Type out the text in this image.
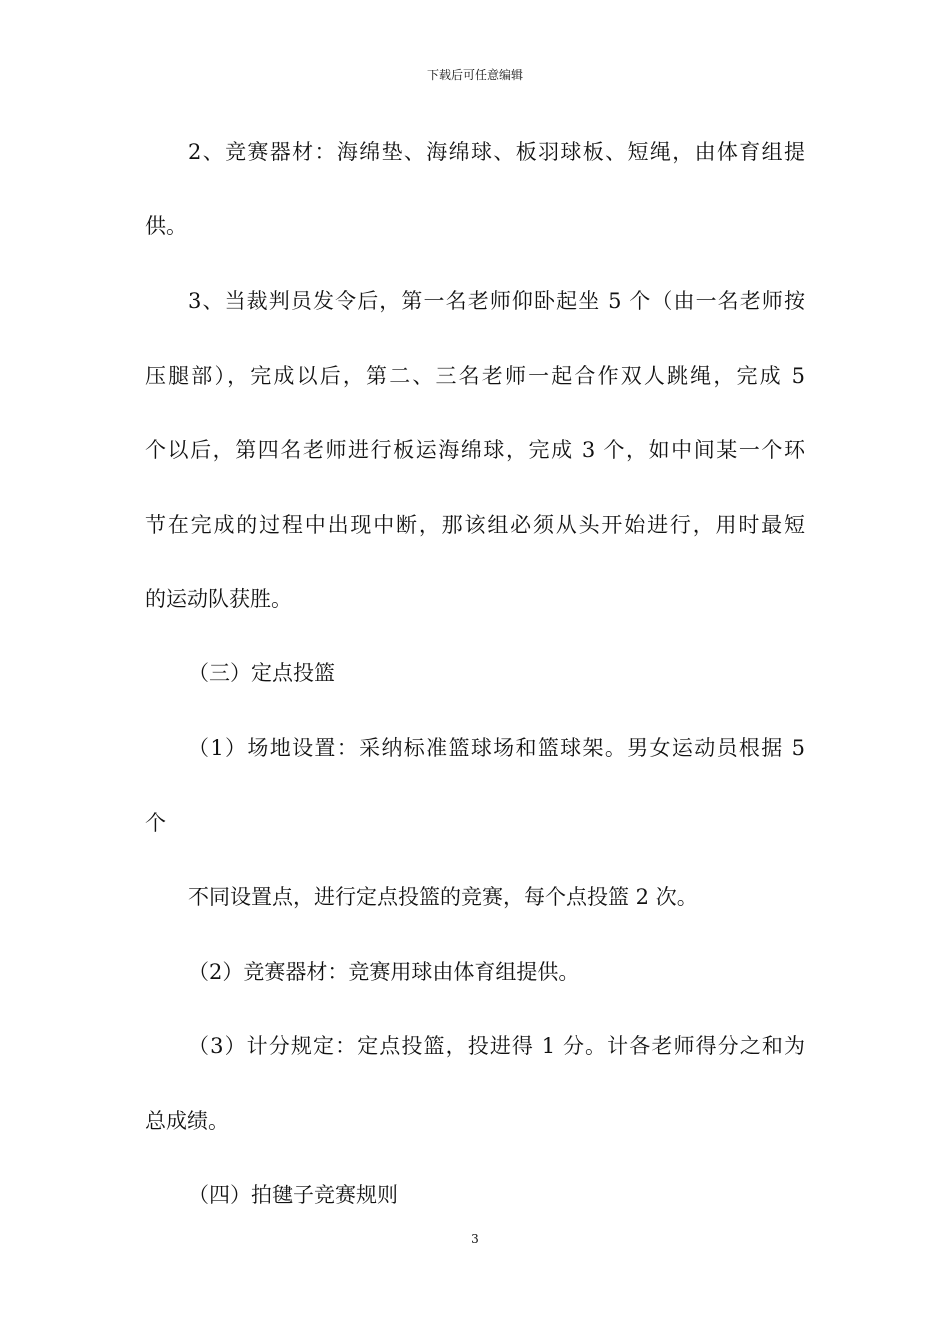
下载后可任意编辑
2、竞赛器材：海绵垫、海绵球、板羽球板、短绳，由体育组提
供。
3、当裁判员发令后，第一名老师仰卧起坐 5 个（由一名老师按
压腿部），完成以后，第二、三名老师一起合作双人跳绳，完成 5
个以后，第四名老师进行板运海绵球，完成 3 个，如中间某一个环
节在完成的过程中出现中断，那该组必须从头开始进行，用时最短
的运动队获胜。
（三）定点投篮
（1）场地设置：采纳标准篮球场和篮球架。男女运动员根据 5
个
不同设置点，进行定点投篮的竞赛，每个点投篮 2 次。
（2）竞赛器材：竞赛用球由体育组提供。
（3）计分规定：定点投篮，投进得 1 分。计各老师得分之和为
总成绩。
（四）拍毽子竞赛规则
3
